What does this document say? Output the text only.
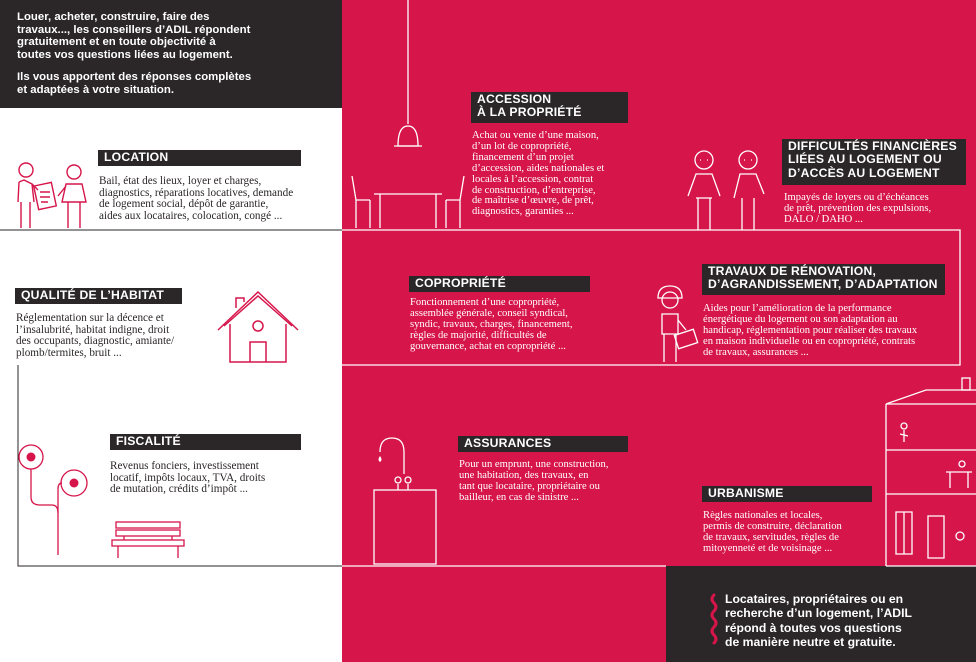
Louer, acheter, construire, faire des
travaux..., les conseillers d’ADIL répondent
gratuitement et en toute objectivité à
toutes vos questions liées au logement.
Ils vous apportent des réponses complètes
et adaptées à votre situation.
LOCATION
Bail, état des lieux, loyer et charges,
diagnostics, réparations locatives, demande
de logement social, dépôt de garantie,
aides aux locataires, colocation, congé ...
QUALITÉ DE L’HABITAT
Réglementation sur la décence et
l’insalubrité, habitat indigne, droit
des occupants, diagnostic, amiante/
plomb/termites, bruit ...
FISCALITÉ
Revenus fonciers, investissement
locatif, impôts locaux, TVA, droits
de mutation, crédits d’impôt ...
ACCESSION
À LA PROPRIÉTÉ
Achat ou vente d’une maison,
d’un lot de copropriété,
financement d’un projet
d’accession, aides nationales et
locales à l’accession, contrat
de construction, d’entreprise,
de maîtrise d’œuvre, de prêt,
diagnostics, garanties ...
DIFFICULTÉS FINANCIÈRES
LIÉES AU LOGEMENT OU
D’ACCÈS AU LOGEMENT
Impayés de loyers ou d’échéances
de prêt, prévention des expulsions,
DALO / DAHO ...
COPROPRIÉTÉ
Fonctionnement d’une copropriété,
assemblée générale, conseil syndical,
syndic, travaux, charges, financement,
règles de majorité, difficultés de
gouvernance, achat en copropriété ...
TRAVAUX DE RÉNOVATION,
D’AGRANDISSEMENT, D’ADAPTATION
Aides pour l’amélioration de la performance
énergétique du logement ou son adaptation au
handicap, réglementation pour réaliser des travaux
en maison individuelle ou en copropriété, contrats
de travaux, assurances ...
ASSURANCES
Pour un emprunt, une construction,
une habitation, des travaux, en
tant que locataire, propriétaire ou
bailleur, en cas de sinistre ...	URBANISME
Règles nationales et locales,
permis de construire, déclaration
de travaux, servitudes, règles de
mitoyenneté et de voisinage ...
Locataires, propriétaires ou en
recherche d’un logement, l’ADIL
répond à toutes vos questions
de manière neutre et gratuite.
